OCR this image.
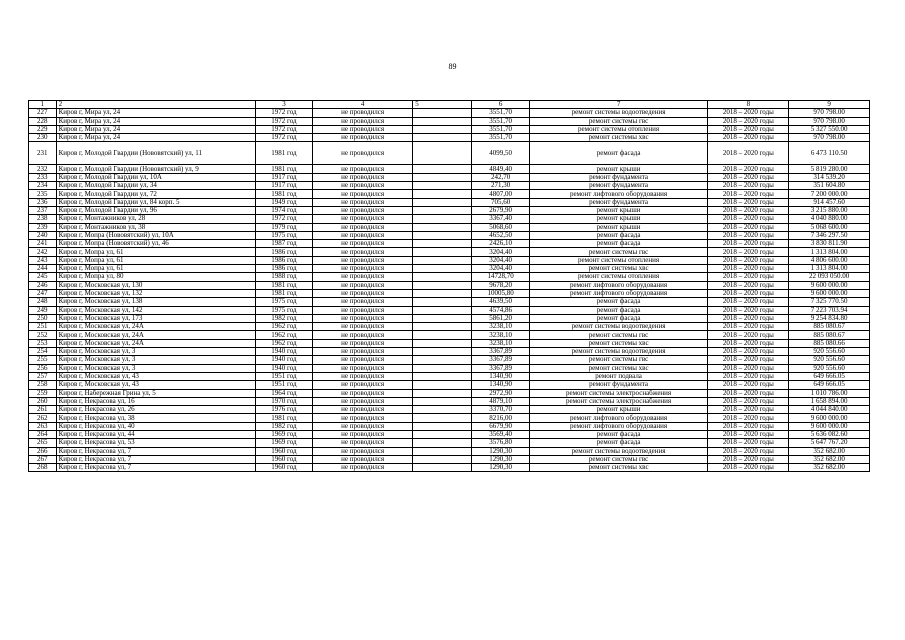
89
1	2	3	4	5	6	7	8	9
227	Киров г, Мира ул, 24	1972 год	не проводился		3551,70	ремонт системы водоотведения	2018 – 2020 годы	970 798.00
228	Киров г, Мира ул, 24	1972 год	не проводился		3551,70	ремонт системы гвс	2018 – 2020 годы	970 798.00
229	Киров г, Мира ул, 24	1972 год	не проводился		3551,70	ремонт системы отопления	2018 – 2020 годы	5 327 550.00
230	Киров г, Мира ул, 24	1972 год	не проводился		3551,70	ремонт системы хвс	2018 – 2020 годы	970 798.00
231	Киров г, Молодой Гвардии (Нововятский) ул, 11	1981 год	не проводился		4099,50	ремонт фасада	2018 – 2020 годы	6 473 110.50
232	Киров г, Молодой Гвардии (Нововятский) ул, 9	1981 год	не проводился		4849,40	ремонт крыши	2018 – 2020 годы	5 819 280.00
233	Киров г, Молодой Гвардии ул, 10А	1917 год	не проводился		242,70	ремонт фундамента	2018 – 2020 годы	314 539.20
234	Киров г, Молодой Гвардии ул, 34	1917 год	не проводился		271,30	ремонт фундамента	2018 – 2020 годы	351 604.80
235	Киров г, Молодой Гвардии ул, 72	1981 год	не проводился		4807,00	ремонт лифтового оборудования	2018 – 2020 годы	7 200 000.00
236	Киров г, Молодой Гвардии ул, 84 корп. 5	1949 год	не проводился		705,60	ремонт фундамента	2018 – 2020 годы	914 457.60
237	Киров г, Молодой Гвардии ул, 96	1974 год	не проводился		2679,90	ремонт крыши	2018 – 2020 годы	3 215 880.00
238	Киров г, Монтажников ул, 28	1972 год	не проводился		3367,40	ремонт крыши	2018 – 2020 годы	4 040 880.00
239	Киров г, Монтажников ул, 38	1979 год	не проводился		5068,60	ремонт крыши	2018 – 2020 годы	5 068 600.00
240	Киров г, Мопра (Нововятский) ул, 10А	1975 год	не проводился		4652,50	ремонт фасада	2018 – 2020 годы	7 346 297.50
241	Киров г, Мопра (Нововятский) ул, 46	1987 год	не проводился		2426,10	ремонт фасада	2018 – 2020 годы	3 830 811.90
242	Киров г, Мопра ул, 61	1986 год	не проводился		3204,40	ремонт системы гвс	2018 – 2020 годы	1 313 804.00
243	Киров г, Мопра ул, 61	1986 год	не проводился		3204,40	ремонт системы отопления	2018 – 2020 годы	4 806 600.00
244	Киров г, Мопра ул, 61	1986 год	не проводился		3204,40	ремонт системы хвс	2018 – 2020 годы	1 313 804.00
245	Киров г, Мопра ул, 80	1988 год	не проводился		14728,70	ремонт системы отопления	2018 – 2020 годы	22 093 050.00
246	Киров г, Московская ул, 130	1981 год	не проводился		9678,20	ремонт лифтового оборудования	2018 – 2020 годы	9 600 000.00
247	Киров г, Московская ул, 132	1981 год	не проводился		10005,80	ремонт лифтового оборудования	2018 – 2020 годы	9 600 000.00
248	Киров г, Московская ул, 138	1975 год	не проводился		4639,50	ремонт фасада	2018 – 2020 годы	7 325 770.50
249	Киров г, Московская ул, 142	1975 год	не проводился		4574,86	ремонт фасада	2018 – 2020 годы	7 223 703.94
250	Киров г, Московская ул, 173	1982 год	не проводился		5861,20	ремонт фасада	2018 – 2020 годы	9 254 834.80
251	Киров г, Московская ул, 24А	1962 год	не проводился		3238,10	ремонт системы водоотведения	2018 – 2020 годы	885 080.67
252	Киров г, Московская ул, 24А	1962 год	не проводился		3238,10	ремонт системы гвс	2018 – 2020 годы	885 080.67
253	Киров г, Московская ул, 24А	1962 год	не проводился		3238,10	ремонт системы хвс	2018 – 2020 годы	885 080.66
254	Киров г, Московская ул, 3	1940 год	не проводился		3367,89	ремонт системы водоотведения	2018 – 2020 годы	920 556.60
255	Киров г, Московская ул, 3	1940 год	не проводился		3367,89	ремонт системы гвс	2018 – 2020 годы	920 556.60
256	Киров г, Московская ул, 3	1940 год	не проводился		3367,89	ремонт системы хвс	2018 – 2020 годы	920 556.60
257	Киров г, Московская ул, 43	1951 год	не проводился		1340,90	ремонт подвала	2018 – 2020 годы	649 666.05
258	Киров г, Московская ул, 43	1951 год	не проводился		1340,90	ремонт фундамента	2018 – 2020 годы	649 666.05
259	Киров г, Набережная Грина ул, 5	1964 год	не проводился		2972,90	ремонт системы электроснабжения	2018 – 2020 годы	1 010 786.00
260	Киров г, Некрасова ул, 16	1970 год	не проводился		4879,10	ремонт системы электроснабжения	2018 – 2020 годы	1 658 894.00
261	Киров г, Некрасова ул, 26	1976 год	не проводился		3370,70	ремонт крыши	2018 – 2020 годы	4 044 840.00
262	Киров г, Некрасова ул, 38	1981 год	не проводился		8216,00	ремонт лифтового оборудования	2018 – 2020 годы	9 600 000.00
263	Киров г, Некрасова ул, 40	1982 год	не проводился		6679,90	ремонт лифтового оборудования	2018 – 2020 годы	9 600 000.00
264	Киров г, Некрасова ул, 44	1969 год	не проводился		3569,40	ремонт фасада	2018 – 2020 годы	5 636 082.60
265	Киров г, Некрасова ул, 53	1969 год	не проводился		3576,80	ремонт фасада	2018 – 2020 годы	5 647 767.20
266	Киров г, Некрасова ул, 7	1960 год	не проводился		1290,30	ремонт системы водоотведения	2018 – 2020 годы	352 682.00
267	Киров г, Некрасова ул, 7	1960 год	не проводился		1290,30	ремонт системы гвс	2018 – 2020 годы	352 682.00
268	Киров г, Некрасова ул, 7	1960 год	не проводился		1290,30	ремонт системы хвс	2018 – 2020 годы	352 682.00
